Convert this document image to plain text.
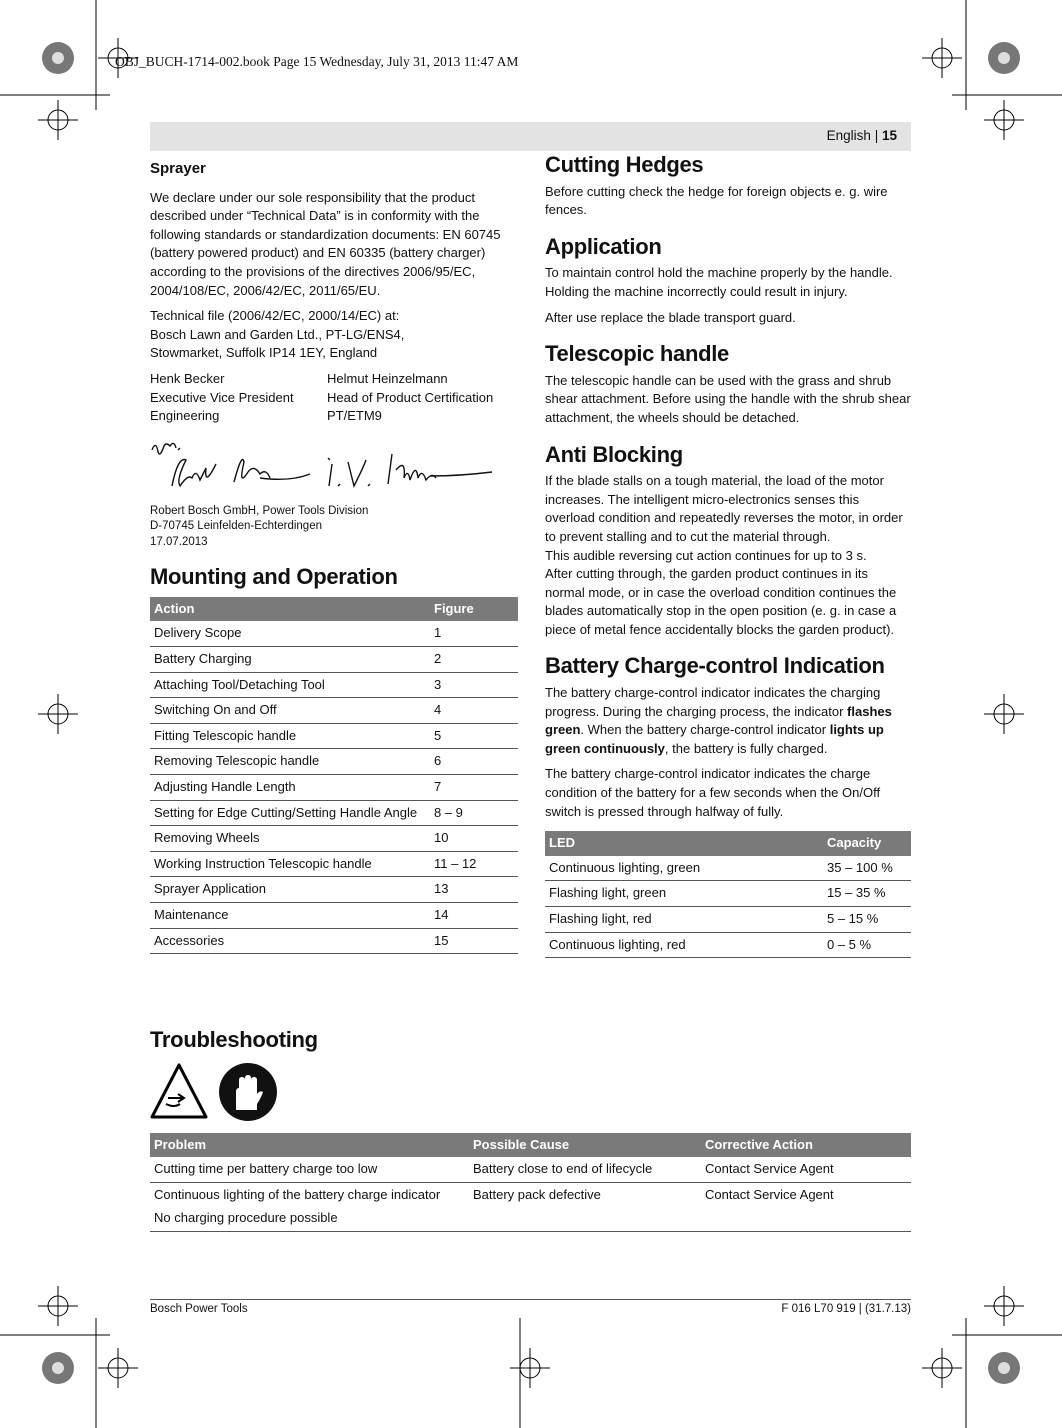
OBJ_BUCH-1714-002.book Page 15 Wednesday, July 31, 2013 11:47 AM
English | 15
Sprayer

We declare under our sole responsibility that the product described under “Technical Data” is in conformity with the following standards or standardization documents: EN 60745 (battery powered product) and EN 60335 (battery charger) according to the provisions of the directives 2006/95/EC, 2004/108/EC, 2006/42/EC, 2011/65/EU.

Technical file (2006/42/EC, 2000/14/EC) at:
Bosch Lawn and Garden Ltd., PT-LG/ENS4,
Stowmarket, Suffolk IP14 1EY, England

Henk Becker
Executive Vice President
Engineering
Helmut Heinzelmann
Head of Product Certification
PT/ETM9
Robert Bosch GmbH, Power Tools Division
D-70745 Leinfelden-Echterdingen
17.07.2013
Mounting and Operation
Action	Figure
Delivery Scope	1
Battery Charging	2
Attaching Tool/Detaching Tool	3
Switching On and Off	4
Fitting Telescopic handle	5
Removing Telescopic handle	6
Adjusting Handle Length	7
Setting for Edge Cutting/Setting Handle Angle	8 – 9
Removing Wheels	10
Working Instruction Telescopic handle	11 – 12
Sprayer Application	13
Maintenance	14
Accessories	15
Cutting Hedges

Before cutting check the hedge for foreign objects e. g. wire fences.

Application

To maintain control hold the machine properly by the handle. Holding the machine incorrectly could result in injury.

After use replace the blade transport guard.

Telescopic handle

The telescopic handle can be used with the grass and shrub shear attachment. Before using the handle with the shrub shear attachment, the wheels should be detached.

Anti Blocking

If the blade stalls on a tough material, the load of the motor increases. The intelligent micro-electronics senses this overload condition and repeatedly reverses the motor, in order to prevent stalling and to cut the material through.

This audible reversing cut action continues for up to 3 s.

After cutting through, the garden product continues in its normal mode, or in case the overload condition continues the blades automatically stop in the open position (e. g. in case a piece of metal fence accidentally blocks the garden product).

Battery Charge-control Indication

The battery charge-control indicator indicates the charging progress. During the charging process, the indicator flashes green. When the battery charge-control indicator lights up green continuously, the battery is fully charged.

The battery charge-control indicator indicates the charge condition of the battery for a few seconds when the On/Off switch is pressed through halfway of fully.

LED	Capacity
Continuous lighting, green	35 – 100 %
Flashing light, green	15 – 35 %
Flashing light, red	5 – 15 %
Continuous lighting, red	0 – 5 %
Troubleshooting
Problem	Possible Cause	Corrective Action
Cutting time per battery charge too low	Battery close to end of lifecycle	Contact Service Agent

Continuous lighting of the battery charge indicator
No charging procedure possible	Battery pack defective	Contact Service Agent
Bosch Power Tools	F 016 L70 919 | (31.7.13)
